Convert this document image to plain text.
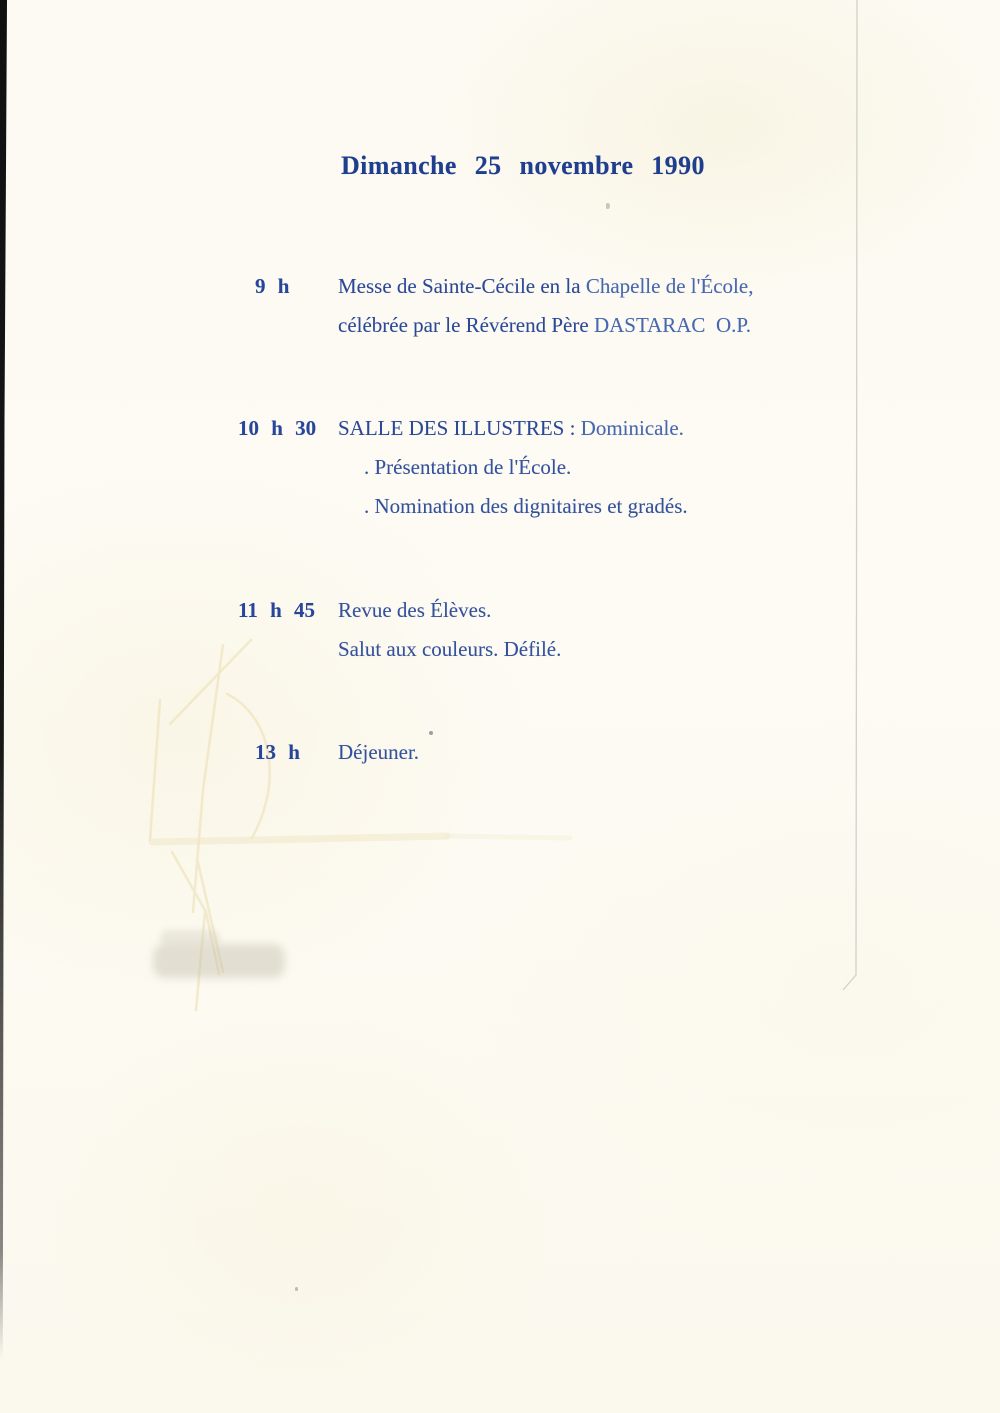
Dimanche 25 novembre 1990
9 h Messe de Sainte-Cécile en la Chapelle de l'École,

célébrée par le Révérend Père DASTARAC  O.P.

10 h 30 SALLE DES ILLUSTRES : Dominicale.

. Présentation de l'École.

. Nomination des dignitaires et gradés.

11 h 45 Revue des Élèves.

Salut aux couleurs. Défilé.

13 h Déjeuner.
